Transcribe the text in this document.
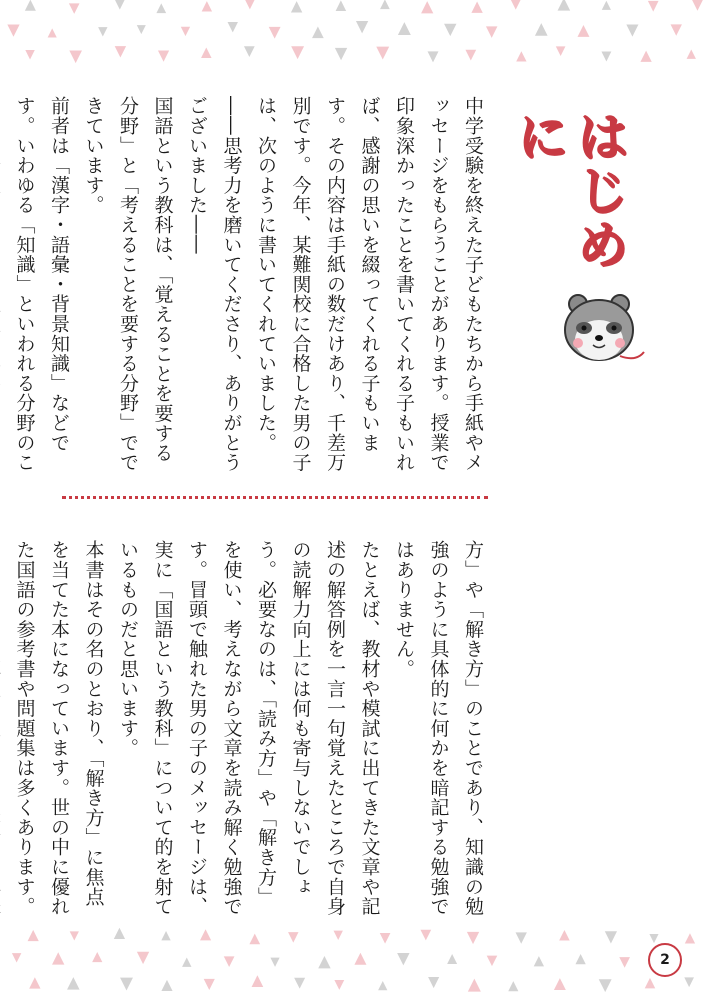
はじめに

中学受験を終えた子どもたちから手紙やメッセージをもらうことがあります。授業で印象深かったことを書いてくれる子もいれば、感謝の思いを綴ってくれる子もいます。その内容は手紙の数だけあり、千差万別です。今年、某難関校に合格した男の子は、次のように書いてくれていました。

――思考力を磨いてくださり、ありがとうございました――

国語という教科は、「覚えることを要する分野」と「考えることを要する分野」でできています。

前者は「漢字・語彙・背景知識」などです。いわゆる「知識」といわれる分野のこ

方」や「解き方」のことであり、知識の勉強のように具体的に何かを暗記する勉強ではありません。

たとえば、教材や模試に出てきた文章や記述の解答例を一言一句覚えたところで自身の読解力向上には何も寄与しないでしょう。必要なのは、「読み方」や「解き方」を使い、考えながら文章を読み解く勉強です。冒頭で触れた男の子のメッセージは、実に「国語という教科」について的を射ているものだと思います。

本書はその名のとおり、「解き方」に焦点を当てた本になっています。世の中に優れた国語の参考書や問題集は多くあります。

2
